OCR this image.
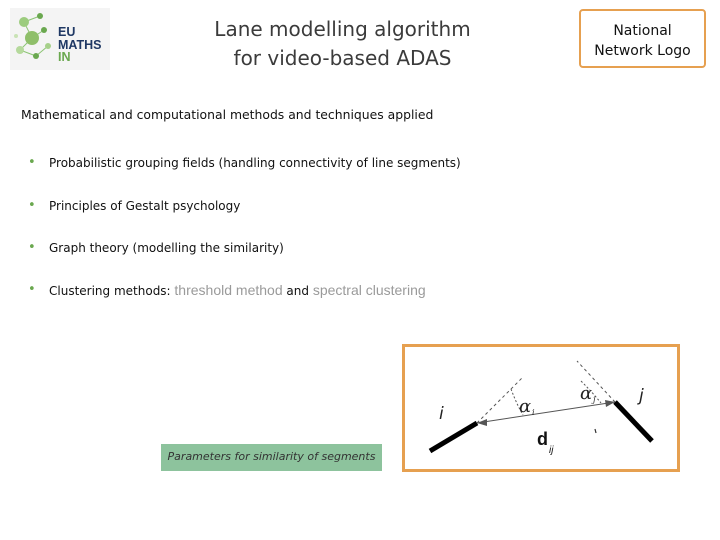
EU
MATHS
IN
Lane modelling algorithm
for video-based ADAS
National
Network Logo
Mathematical and computational methods and techniques applied
• Probabilistic grouping fields (handling connectivity of line segments)
• Principles of Gestalt psychology
• Graph theory (modelling the similarity)
• Clustering methods: threshold method and spectral clustering
Parameters for similarity of segments
i
j
α i
α j
d
ij
